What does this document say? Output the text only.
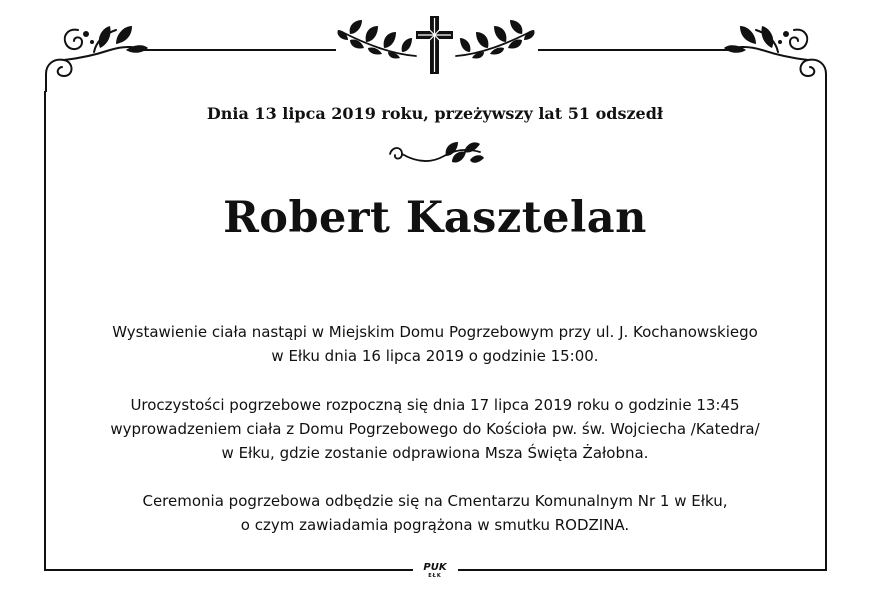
Dnia 13 lipca 2019 roku, przeżywszy lat 51 odszedł
Robert Kasztelan
Wystawienie ciała nastąpi w Miejskim Domu Pogrzebowym przy ul. J. Kochanowskiego
w Ełku dnia 16 lipca 2019 o godzinie 15:00.
Uroczystości pogrzebowe rozpoczną się dnia 17 lipca 2019 roku o godzinie 13:45
wyprowadzeniem ciała z Domu Pogrzebowego do Kościoła pw. św. Wojciecha /Katedra/
w Ełku, gdzie zostanie odprawiona Msza Święta Żałobna.
Ceremonia pogrzebowa odbędzie się na Cmentarzu Komunalnym Nr 1 w Ełku,
o czym zawiadamia pogrążona w smutku RODZINA.
PUK
EŁK
